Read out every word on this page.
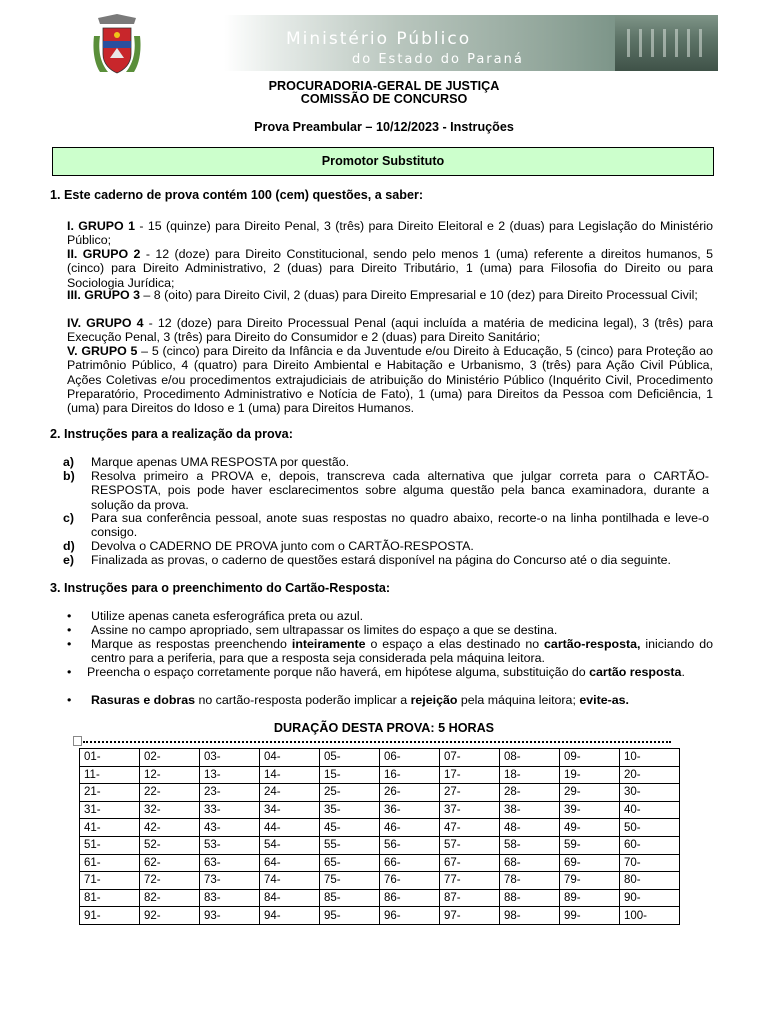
Ministério Público
do Estado do Paraná
PROCURADORIA-GERAL DE JUSTIÇA
COMISSÃO DE CONCURSO
Prova Preambular – 10/12/2023 - Instruções
Promotor Substituto
1. Este caderno de prova contém 100 (cem) questões, a saber:
I. GRUPO 1 - 15 (quinze) para Direito Penal, 3 (três) para Direito Eleitoral e 2 (duas) para Legislação do Ministério Público;
II. GRUPO 2 - 12 (doze) para Direito Constitucional, sendo pelo menos 1 (uma) referente a direitos humanos, 5 (cinco) para Direito Administrativo, 2 (duas) para Direito Tributário, 1 (uma) para Filosofia do Direito ou para Sociologia Jurídica;
III. GRUPO 3 – 8 (oito) para Direito Civil, 2 (duas) para Direito Empresarial e 10 (dez) para Direito Processual Civil;
IV. GRUPO 4 - 12 (doze) para Direito Processual Penal (aqui incluída a matéria de medicina legal), 3 (três) para Execução Penal, 3 (três) para Direito do Consumidor e 2 (duas) para Direito Sanitário;
V. GRUPO 5 – 5 (cinco) para Direito da Infância e da Juventude e/ou Direito à Educação, 5 (cinco) para Proteção ao Patrimônio Público, 4 (quatro) para Direito Ambiental e Habitação e Urbanismo, 3 (três) para Ação Civil Pública, Ações Coletivas e/ou procedimentos extrajudiciais de atribuição do Ministério Público (Inquérito Civil, Procedimento Preparatório, Procedimento Administrativo e Notícia de Fato), 1 (uma) para Direitos da Pessoa com Deficiência, 1 (uma) para Direitos do Idoso e 1 (uma) para Direitos Humanos.
2. Instruções para a realização da prova:
a) Marque apenas UMA RESPOSTA por questão.
b) Resolva primeiro a PROVA e, depois, transcreva cada alternativa que julgar correta para o CARTÃO-RESPOSTA, pois pode haver esclarecimentos sobre alguma questão pela banca examinadora, durante a solução da prova.
c) Para sua conferência pessoal, anote suas respostas no quadro abaixo, recorte-o na linha pontilhada e leve-o consigo.
d) Devolva o CADERNO DE PROVA junto com o CARTÃO-RESPOSTA.
e) Finalizada as provas, o caderno de questões estará disponível na página do Concurso até o dia seguinte.
3. Instruções para o preenchimento do Cartão-Resposta:
• Utilize apenas caneta esferográfica preta ou azul.
• Assine no campo apropriado, sem ultrapassar os limites do espaço a que se destina.
• Marque as respostas preenchendo inteiramente o espaço a elas destinado no cartão-resposta, iniciando do centro para a periferia, para que a resposta seja considerada pela máquina leitora.
•	Preencha o espaço corretamente porque não haverá, em hipótese alguma, substituição do cartão resposta.
• Rasuras e dobras no cartão-resposta poderão implicar a rejeição pela máquina leitora; evite-as.
DURAÇÃO DESTA PROVA: 5 HORAS
01-	02-	03-	04-	05-	06-	07-	08-	09-	10-
11-	12-	13-	14-	15-	16-	17-	18-	19-	20-
21-	22-	23-	24-	25-	26-	27-	28-	29-	30-
31-	32-	33-	34-	35-	36-	37-	38-	39-	40-
41-	42-	43-	44-	45-	46-	47-	48-	49-	50-
51-	52-	53-	54-	55-	56-	57-	58-	59-	60-
61-	62-	63-	64-	65-	66-	67-	68-	69-	70-
71-	72-	73-	74-	75-	76-	77-	78-	79-	80-
81-	82-	83-	84-	85-	86-	87-	88-	89-	90-
91-	92-	93-	94-	95-	96-	97-	98-	99-	100-
